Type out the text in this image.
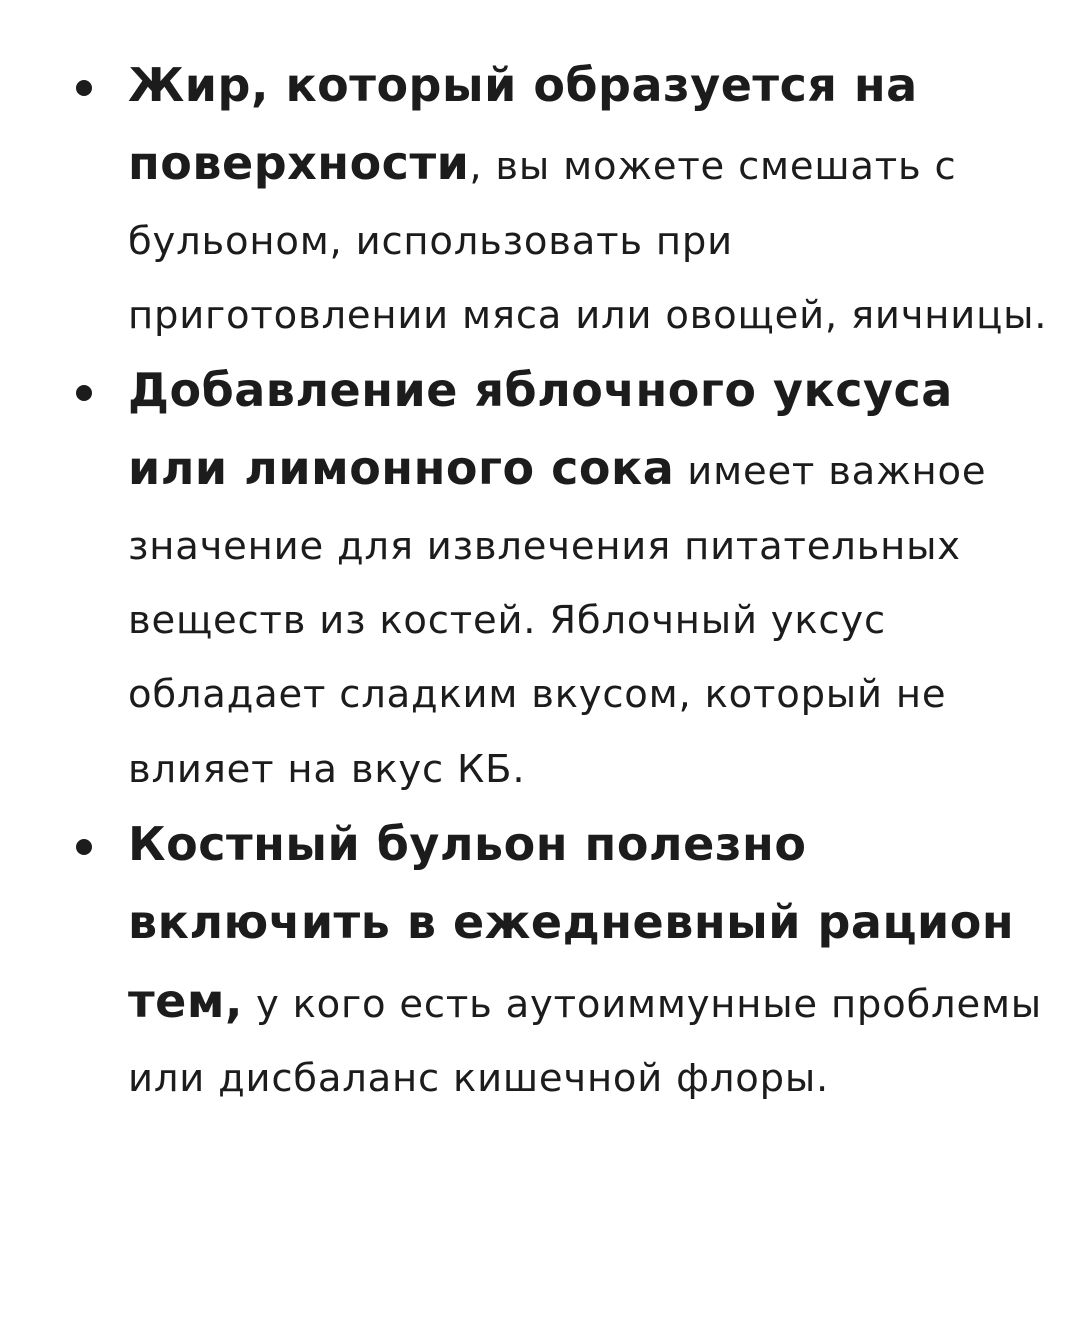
Жир, который образуется на поверхности, вы можете смешать с бульоном, использовать при приготовлении мяса или овощей, яичницы.
Добавление яблочного уксуса или лимонного сока имеет важное значение для извлечения питательных веществ из костей. Яблочный уксус обладает сладким вкусом, который не влияет на вкус КБ.
Костный бульон полезно включить в ежедневный рацион тем, у кого есть аутоиммунные проблемы или дисбаланс кишечной флоры.
